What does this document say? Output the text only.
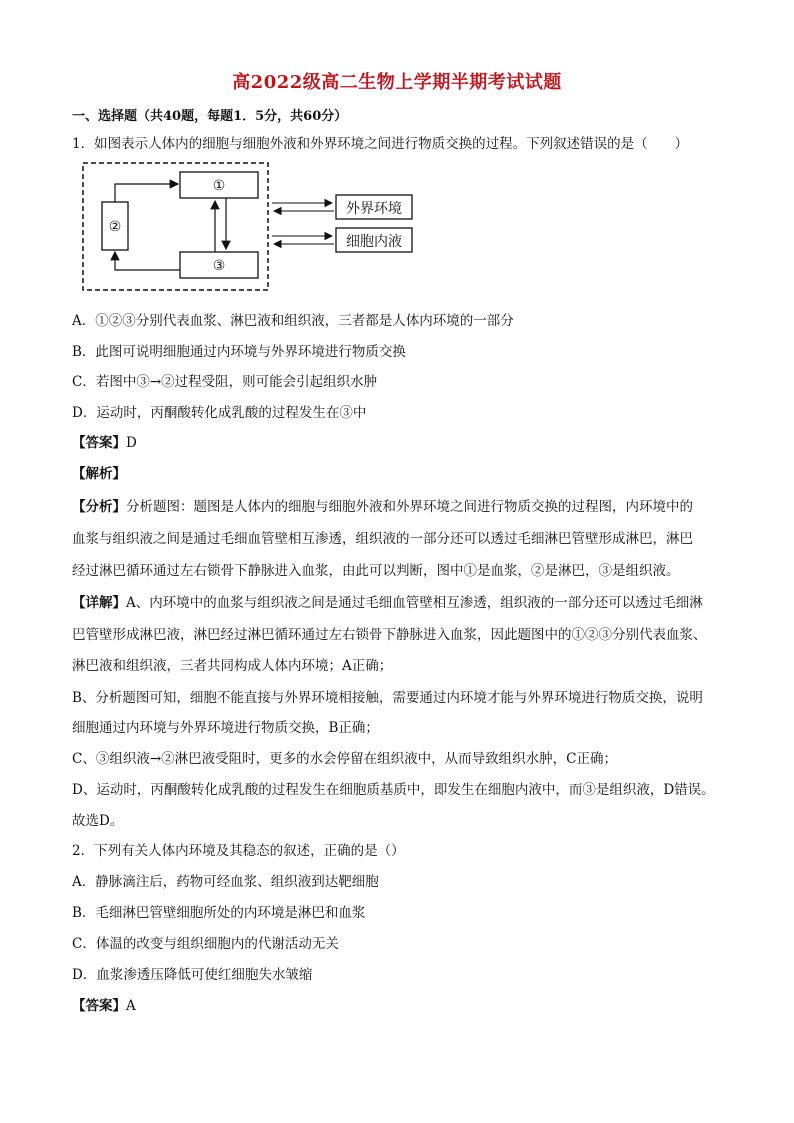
高2022级高二生物上学期半期考试试题
一、选择题（共40题，每题1．5分，共60分）
1．如图表示人体内的细胞与细胞外液和外界环境之间进行物质交换的过程。下列叙述错误的是（　　）
①
②
③
外界环境
细胞内液
A．①②③分别代表血浆、淋巴液和组织液，三者都是人体内环境的一部分
B．此图可说明细胞通过内环境与外界环境进行物质交换
C．若图中③→②过程受阻，则可能会引起组织水肿
D．运动时，丙酮酸转化成乳酸的过程发生在③中
【答案】D
【解析】
【分析】分析题图：题图是人体内的细胞与细胞外液和外界环境之间进行物质交换的过程图，内环境中的
血浆与组织液之间是通过毛细血管壁相互渗透，组织液的一部分还可以透过毛细淋巴管壁形成淋巴，淋巴
经过淋巴循环通过左右锁骨下静脉进入血浆，由此可以判断，图中①是血浆，②是淋巴，③是组织液。
【详解】A、内环境中的血浆与组织液之间是通过毛细血管壁相互渗透，组织液的一部分还可以透过毛细淋
巴管壁形成淋巴液，淋巴经过淋巴循环通过左右锁骨下静脉进入血浆，因此题图中的①②③分别代表血浆、
淋巴液和组织液，三者共同构成人体内环境；A正确；
B、分析题图可知，细胞不能直接与外界环境相接触，需要通过内环境才能与外界环境进行物质交换，说明
细胞通过内环境与外界环境进行物质交换，B正确；
C、③组织液→②淋巴液受阻时，更多的水会停留在组织液中，从而导致组织水肿，C正确；
D、运动时，丙酮酸转化成乳酸的过程发生在细胞质基质中，即发生在细胞内液中，而③是组织液，D错误。
故选D。
2．下列有关人体内环境及其稳态的叙述，正确的是（）
A．静脉滴注后，药物可经血浆、组织液到达靶细胞
B．毛细淋巴管壁细胞所处的内环境是淋巴和血浆
C．体温的改变与组织细胞内的代谢活动无关
D．血浆渗透压降低可使红细胞失水皱缩
【答案】A
